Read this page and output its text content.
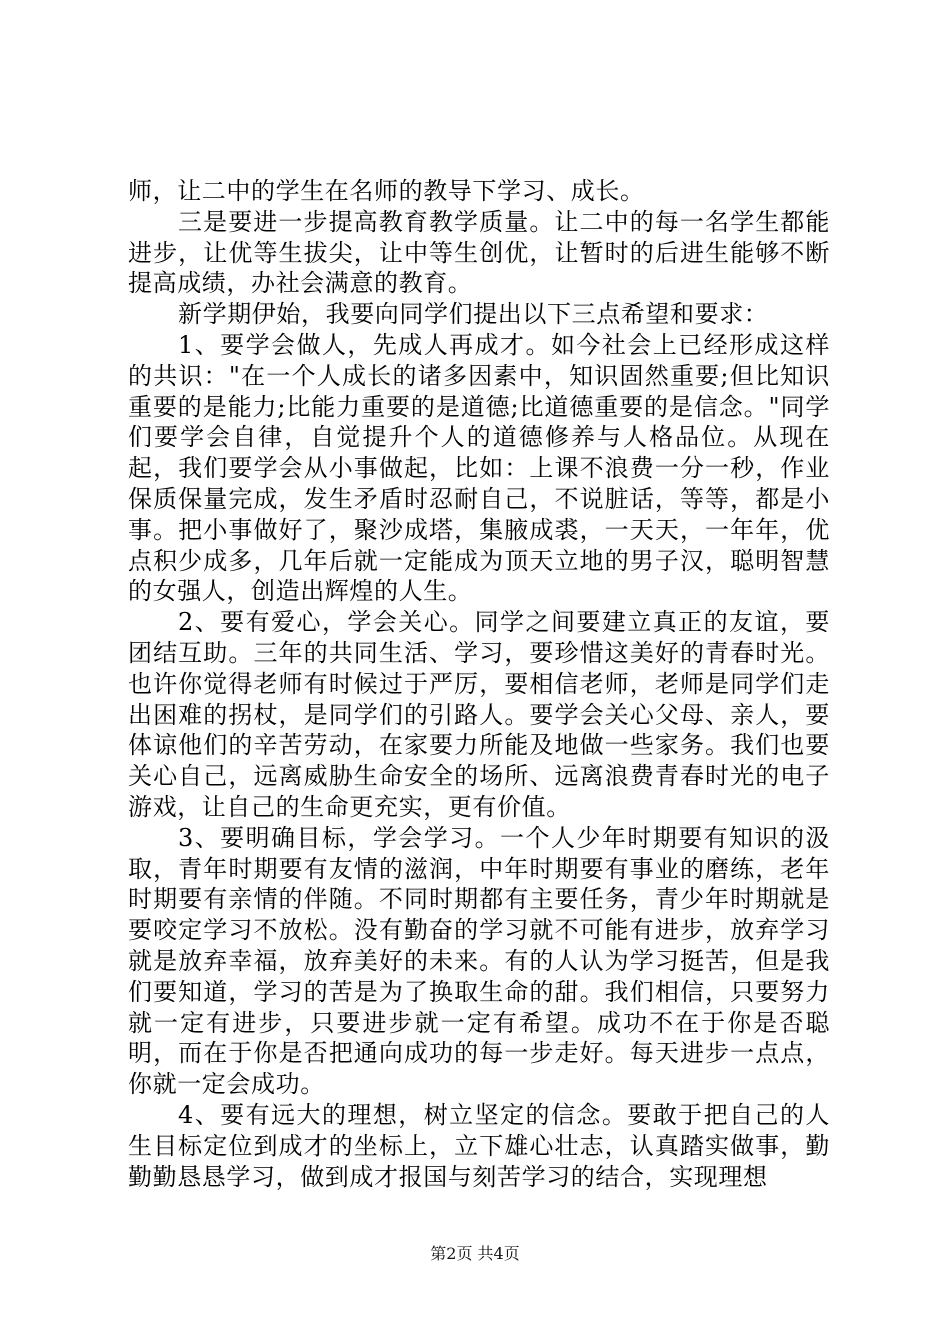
师，让二中的学生在名师的教导下学习、成长。

三是要进一步提高教育教学质量。让二中的每一名学生都能进步，让优等生拔尖，让中等生创优，让暂时的后进生能够不断提高成绩，办社会满意的教育。

新学期伊始，我要向同学们提出以下三点希望和要求：

1、要学会做人，先成人再成才。如今社会上已经形成这样的共识："在一个人成长的诸多因素中，知识固然重要;但比知识重要的是能力;比能力重要的是道德;比道德重要的是信念。"同学们要学会自律，自觉提升个人的道德修养与人格品位。从现在起，我们要学会从小事做起，比如：上课不浪费一分一秒，作业保质保量完成，发生矛盾时忍耐自己，不说脏话，等等，都是小事。把小事做好了，聚沙成塔，集腋成裘，一天天，一年年，优点积少成多，几年后就一定能成为顶天立地的男子汉，聪明智慧的女强人，创造出辉煌的人生。

2、要有爱心，学会关心。同学之间要建立真正的友谊，要团结互助。三年的共同生活、学习，要珍惜这美好的青春时光。也许你觉得老师有时候过于严厉，要相信老师，老师是同学们走出困难的拐杖，是同学们的引路人。要学会关心父母、亲人，要体谅他们的辛苦劳动，在家要力所能及地做一些家务。我们也要关心自己，远离威胁生命安全的场所、远离浪费青春时光的电子游戏，让自己的生命更充实，更有价值。

3、要明确目标，学会学习。一个人少年时期要有知识的汲取，青年时期要有友情的滋润，中年时期要有事业的磨练，老年时期要有亲情的伴随。不同时期都有主要任务，青少年时期就是要咬定学习不放松。没有勤奋的学习就不可能有进步，放弃学习就是放弃幸福，放弃美好的未来。有的人认为学习挺苦，但是我们要知道，学习的苦是为了换取生命的甜。我们相信，只要努力就一定有进步，只要进步就一定有希望。成功不在于你是否聪明，而在于你是否把通向成功的每一步走好。每天进步一点点，你就一定会成功。

4、要有远大的理想，树立坚定的信念。要敢于把自己的人生目标定位到成才的坐标上，立下雄心壮志，认真踏实做事，勤勤勤恳恳学习，做到成才报国与刻苦学习的结合，实现理想

第2页 共4页
